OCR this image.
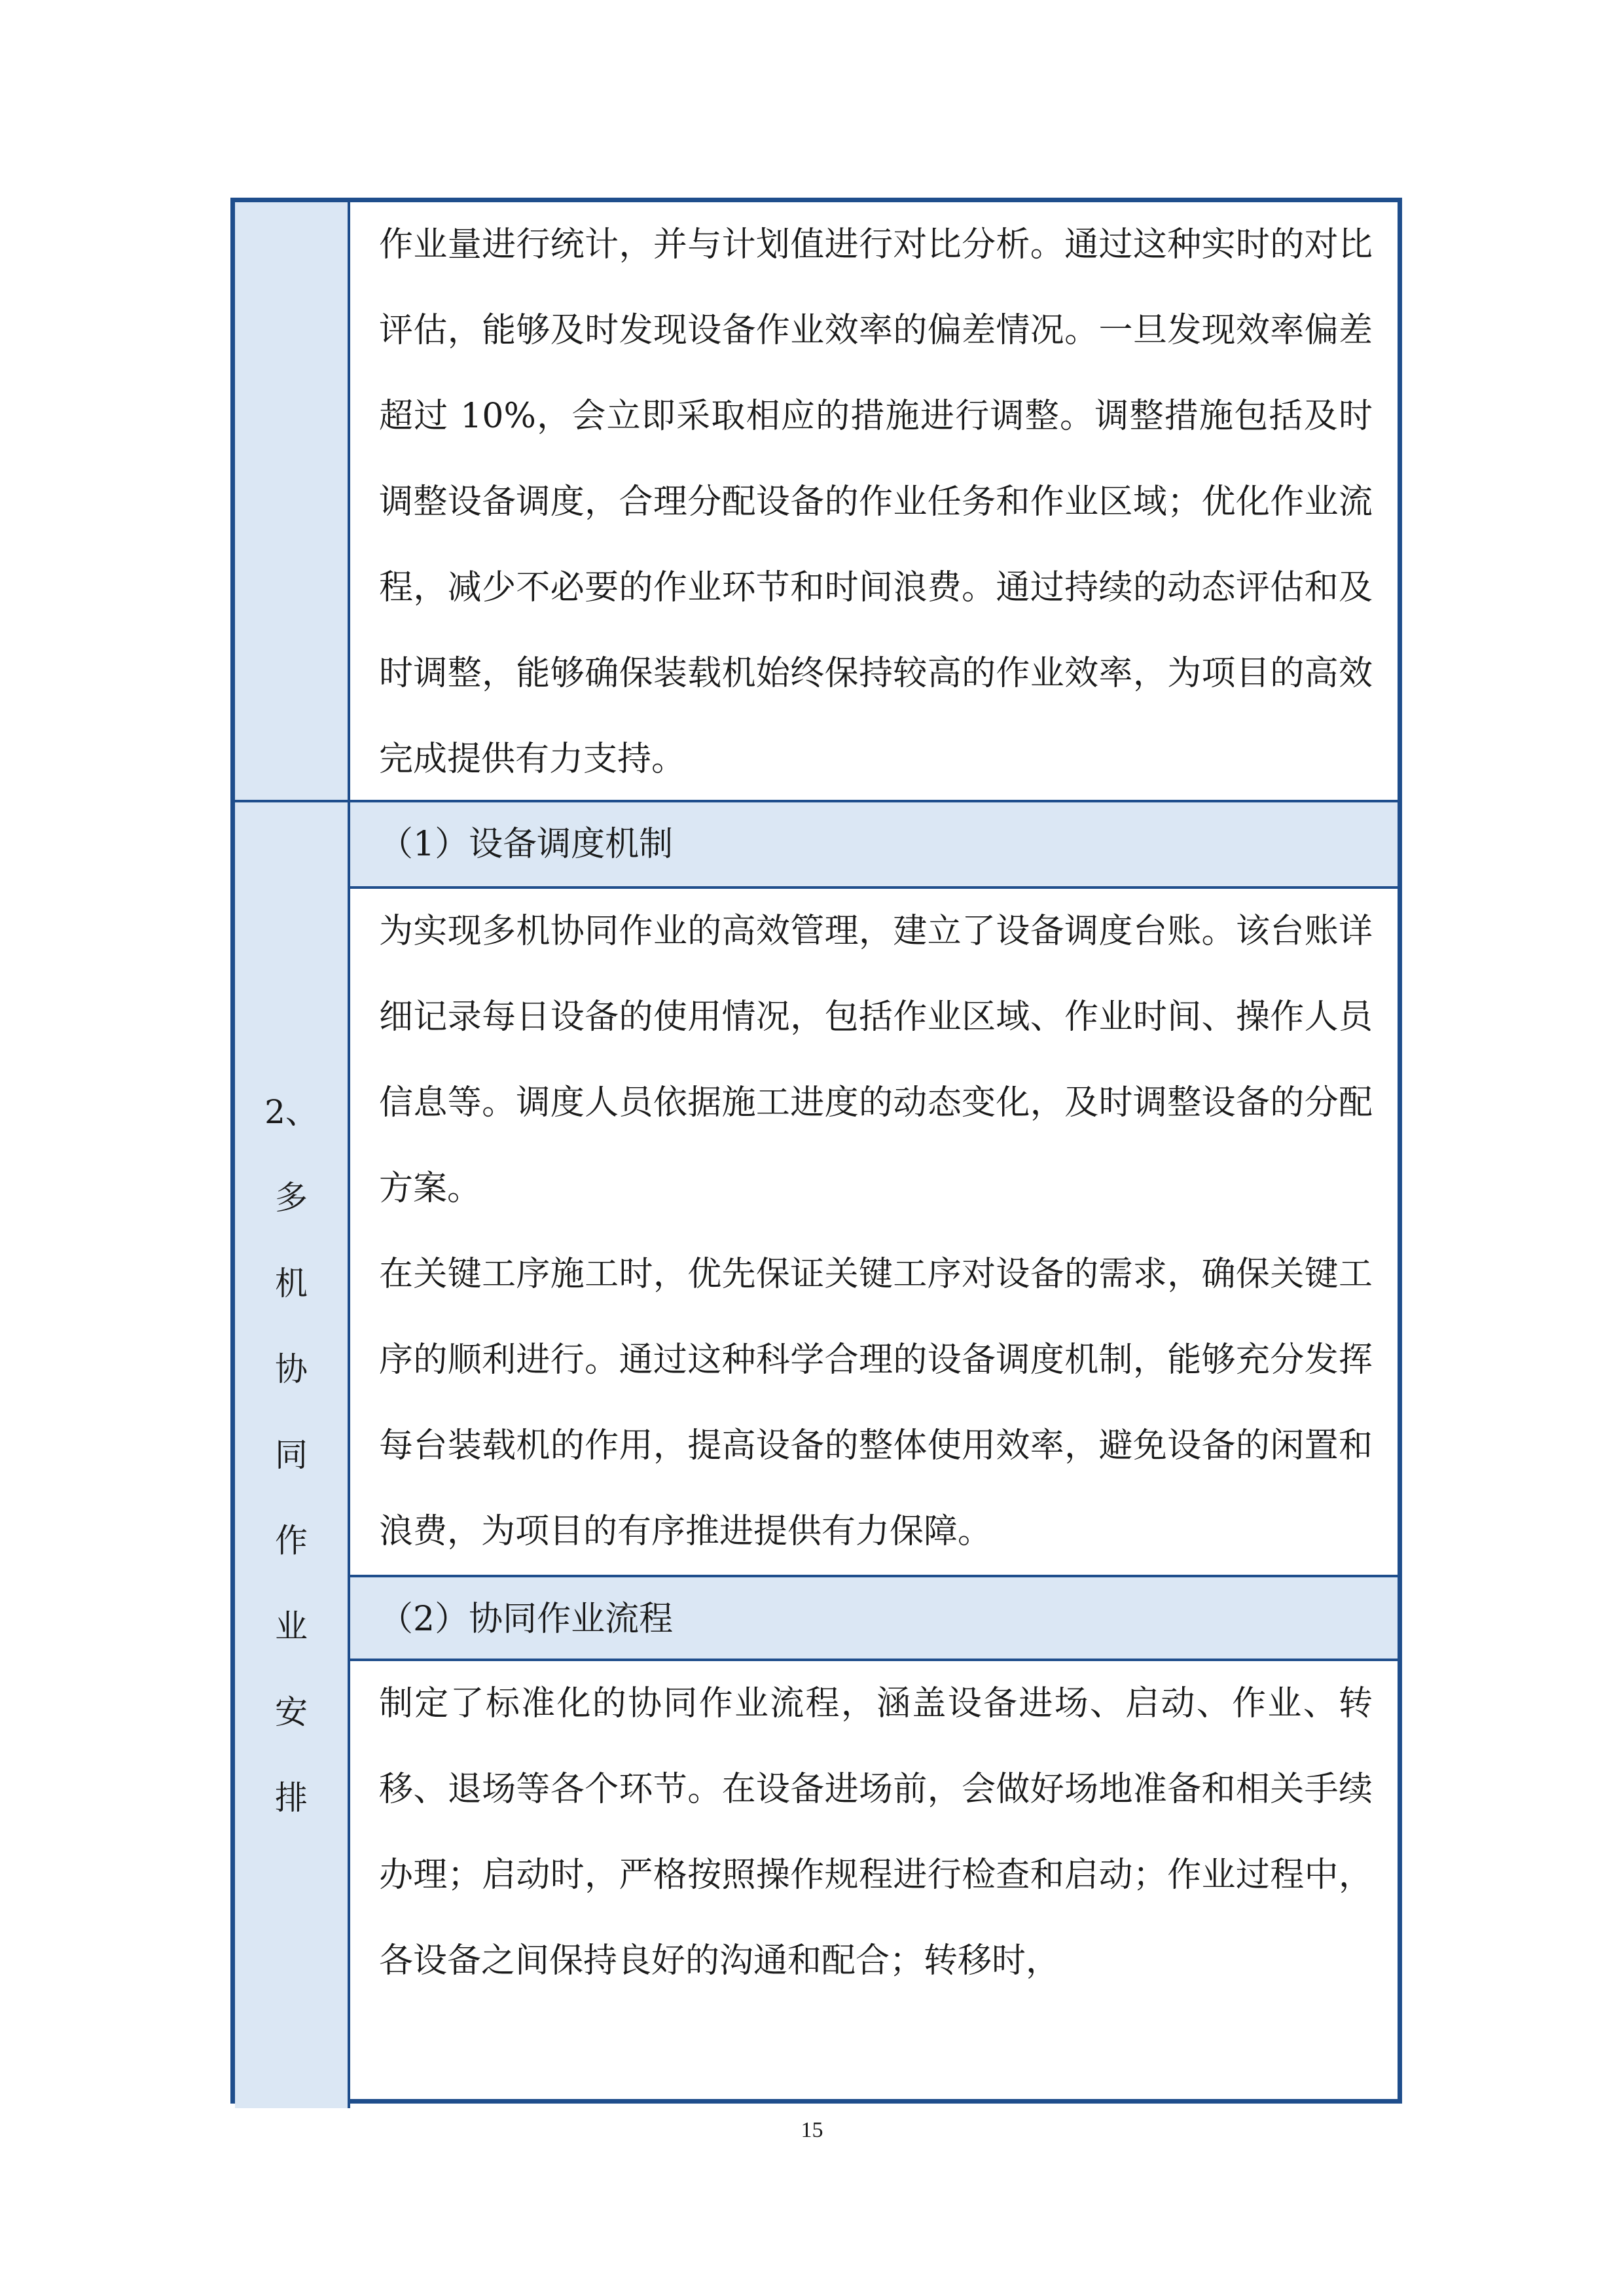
作业量进行统计，并与计划值进行对比分析。通过这种实时的对比评估，能够及时发现设备作业效率的偏差情况。一旦发现效率偏差超过 10%，会立即采取相应的措施进行调整。调整措施包括及时调整设备调度，合理分配设备的作业任务和作业区域；优化作业流程，减少不必要的作业环节和时间浪费。通过持续的动态评估和及时调整，能够确保装载机始终保持较高的作业效率，为项目的高效完成提供有力支持。

2、
多
机
协
同
作
业
安
排
（1）设备调度机制

为实现多机协同作业的高效管理，建立了设备调度台账。该台账详细记录每日设备的使用情况，包括作业区域、作业时间、操作人员信息等。调度人员依据施工进度的动态变化，及时调整设备的分配方案。

在关键工序施工时，优先保证关键工序对设备的需求，确保关键工序的顺利进行。通过这种科学合理的设备调度机制，能够充分发挥每台装载机的作用，提高设备的整体使用效率，避免设备的闲置和浪费，为项目的有序推进提供有力保障。

（2）协同作业流程

制定了标准化的协同作业流程，涵盖设备进场、启动、作业、转移、退场等各个环节。在设备进场前，会做好场地准备和相关手续办理；启动时，严格按照操作规程进行检查和启动；作业过程中，各设备之间保持良好的沟通和配合；转移时，

15
